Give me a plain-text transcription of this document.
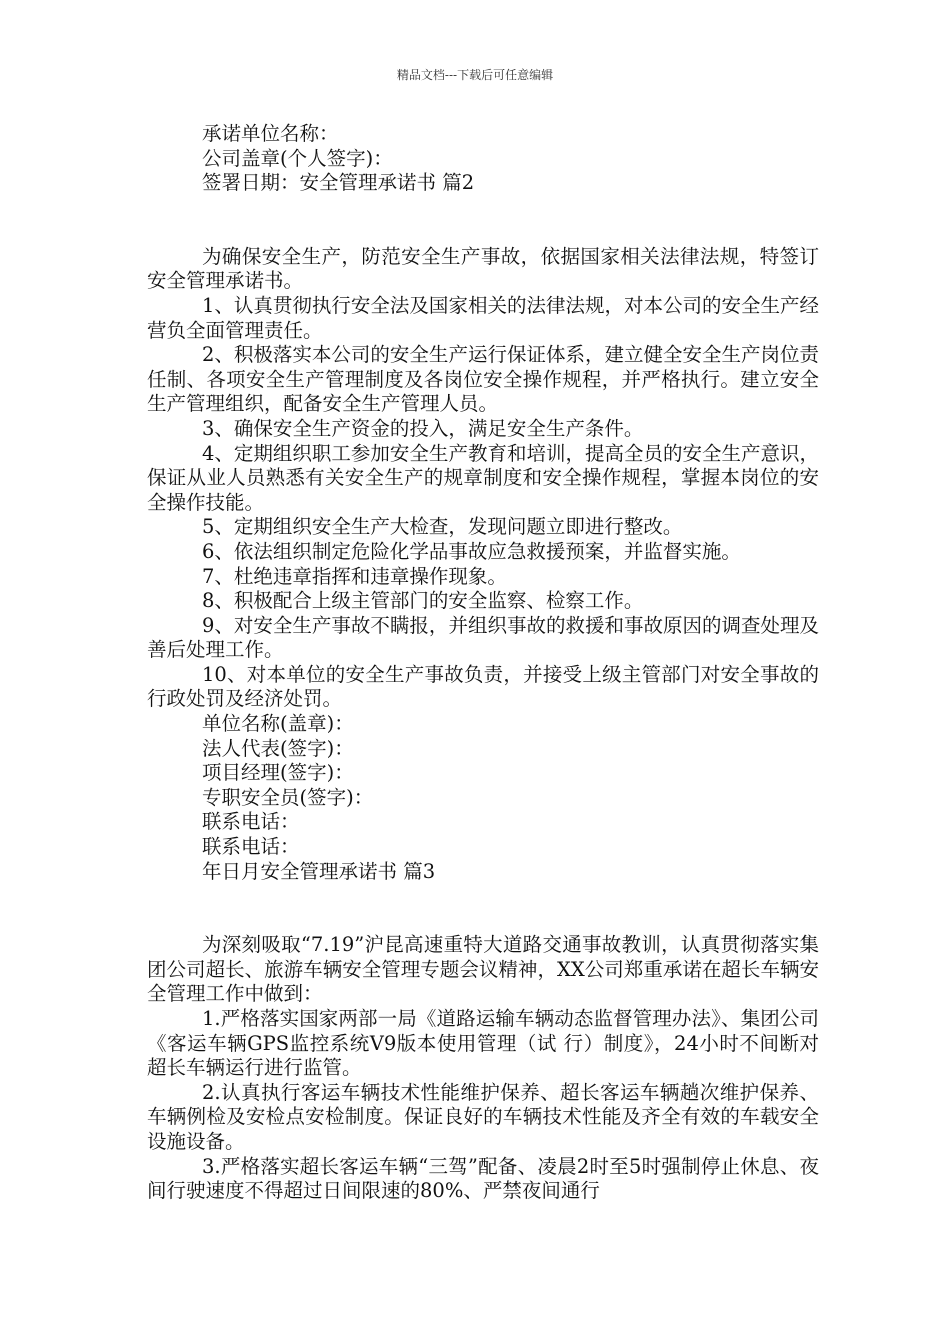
精品文档---下载后可任意编辑
承诺单位名称：
公司盖章(个人签字)：
签署日期：安全管理承诺书 篇2
为确保安全生产，防范安全生产事故，依据国家相关法律法规，特签订安全管理承诺书。
1、认真贯彻执行安全法及国家相关的法律法规，对本公司的安全生产经营负全面管理责任。
2、积极落实本公司的安全生产运行保证体系，建立健全安全生产岗位责任制、各项安全生产管理制度及各岗位安全操作规程，并严格执行。建立安全生产管理组织，配备安全生产管理人员。
3、确保安全生产资金的投入，满足安全生产条件。
4、定期组织职工参加安全生产教育和培训，提高全员的安全生产意识，保证从业人员熟悉有关安全生产的规章制度和安全操作规程，掌握本岗位的安全操作技能。
5、定期组织安全生产大检查，发现问题立即进行整改。
6、依法组织制定危险化学品事故应急救援预案，并监督实施。
7、杜绝违章指挥和违章操作现象。
8、积极配合上级主管部门的安全监察、检察工作。
9、对安全生产事故不瞒报，并组织事故的救援和事故原因的调查处理及善后处理工作。
10、对本单位的安全生产事故负责，并接受上级主管部门对安全事故的行政处罚及经济处罚。
单位名称(盖章)：
法人代表(签字)：
项目经理(签字)：
专职安全员(签字)：
联系电话：
联系电话：
年日月安全管理承诺书 篇3
为深刻吸取“7.19”沪昆高速重特大道路交通事故教训，认真贯彻落实集团公司超长、旅游车辆安全管理专题会议精神，XX公司郑重承诺在超长车辆安全管理工作中做到：
1.严格落实国家两部一局《道路运输车辆动态监督管理办法》、集团公司《客运车辆GPS监控系统V9版本使用管理（试 行）制度》，24小时不间断对超长车辆运行进行监管。
2.认真执行客运车辆技术性能维护保养、超长客运车辆趟次维护保养、车辆例检及安检点安检制度。保证良好的车辆技术性能及齐全有效的车载安全设施设备。
3.严格落实超长客运车辆“三驾”配备、凌晨2时至5时强制停止休息、夜间行驶速度不得超过日间限速的80%、严禁夜间通行
